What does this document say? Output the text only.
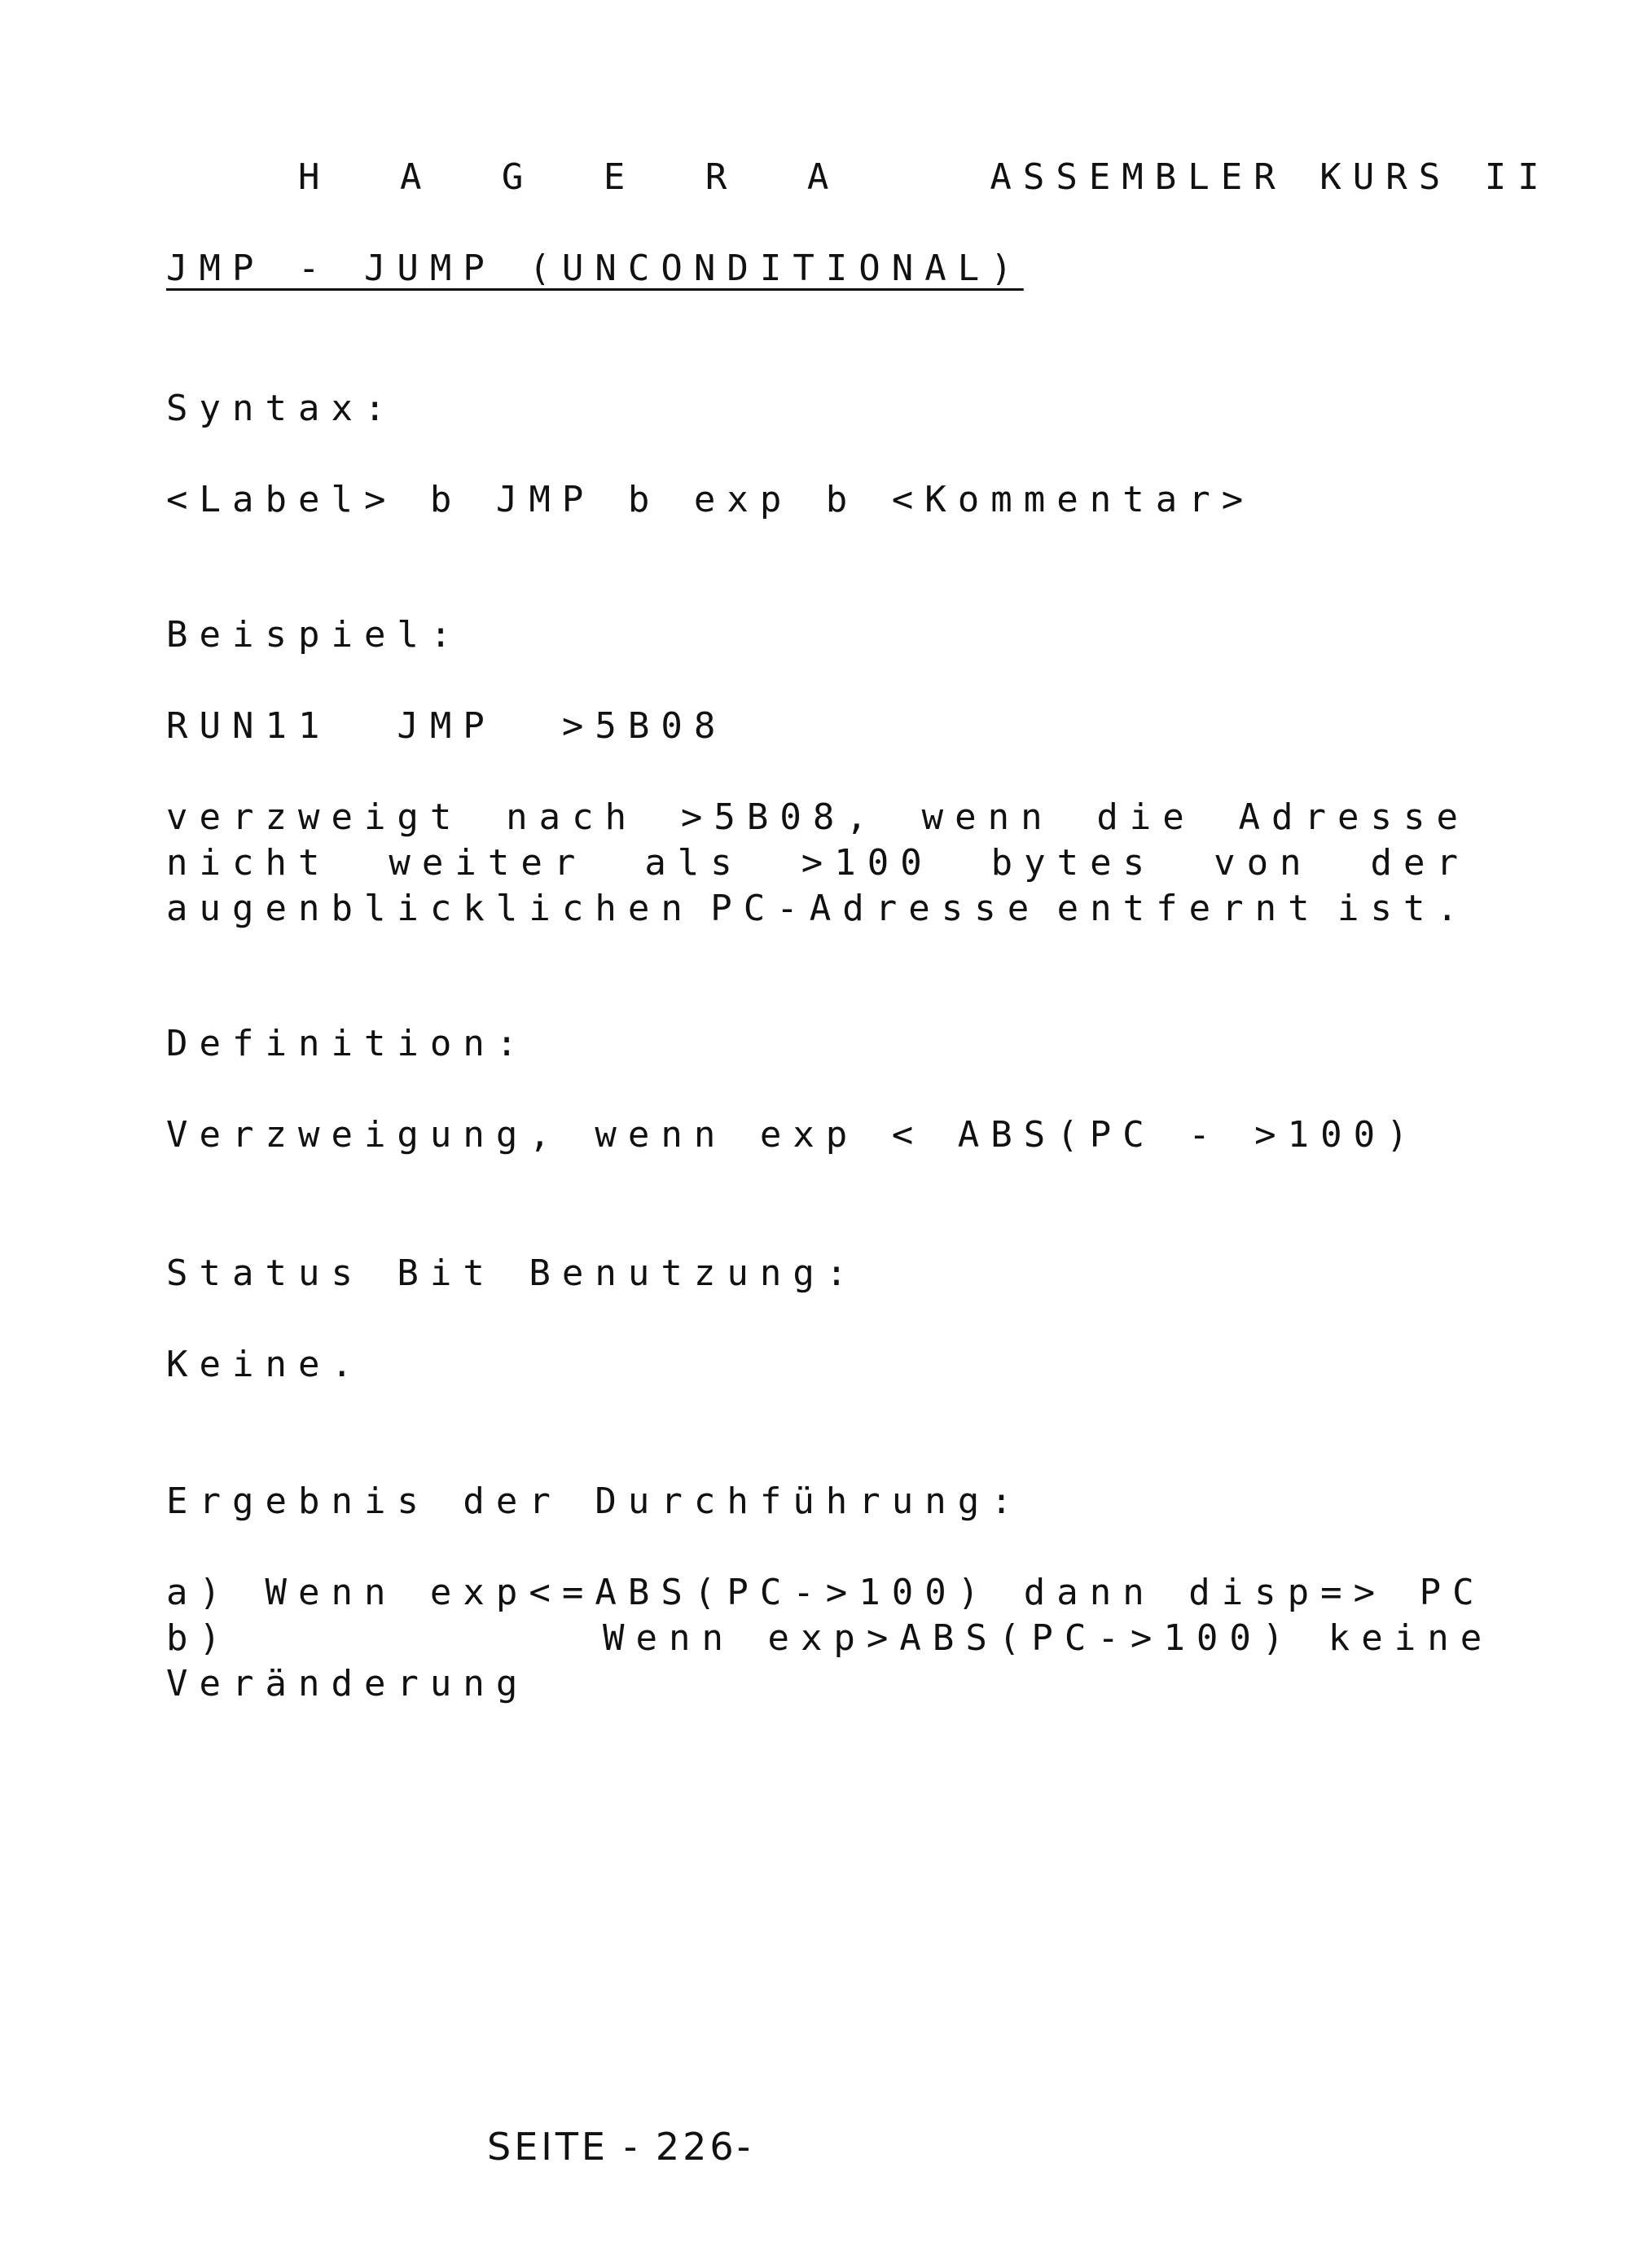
H A G E R A	ASSEMBLER KURS II

JMP - JUMP (UNCONDITIONAL)
Syntax:
<Label> b JMP b exp b <Kommentar>
Beispiel:
RUN11  JMP  >5B08
verzweigt nach >5B08, wenn die Adresse
nicht weiter als >100 bytes von der
augenblicklichen PC-Adresse entfernt ist.
Definition:
Verzweigung, wenn exp < ABS(PC - >100)
Status Bit Benutzung:
Keine.
Ergebnis der Durchführung:
a) Wenn exp<=ABS(PC->100) dann disp=> PC
b)	Wenn exp>ABS(PC->100) keine
Veränderung
SEITE - 226-
